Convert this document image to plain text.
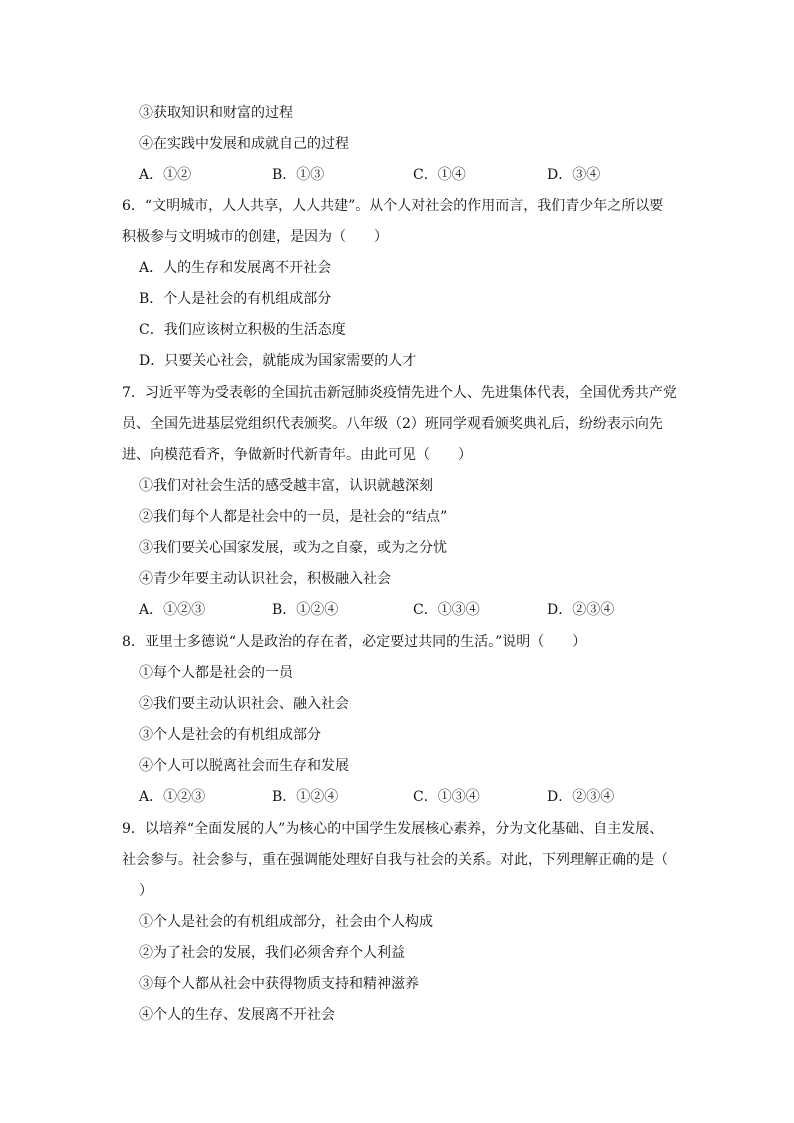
③获取知识和财富的过程
④在实践中发展和成就自己的过程
A．①②	B．①③	C．①④	D．③④
6．“文明城市，人人共享，人人共建”。从个人对社会的作用而言，我们青少年之所以要
积极参与文明城市的创建，是因为（　　）
A．人的生存和发展离不开社会
B．个人是社会的有机组成部分
C．我们应该树立积极的生活态度
D．只要关心社会，就能成为国家需要的人才
7．习近平等为受表彰的全国抗击新冠肺炎疫情先进个人、先进集体代表，全国优秀共产党
员、全国先进基层党组织代表颁奖。八年级（2）班同学观看颁奖典礼后，纷纷表示向先
进、向模范看齐，争做新时代新青年。由此可见（　　）
①我们对社会生活的感受越丰富，认识就越深刻
②我们每个人都是社会中的一员，是社会的“结点”
③我们要关心国家发展，或为之自豪，或为之分忧
④青少年要主动认识社会，积极融入社会
A．①②③	B．①②④	C．①③④	D．②③④
8．亚里士多德说“人是政治的存在者，必定要过共同的生活。”说明（　　）
①每个人都是社会的一员
②我们要主动认识社会、融入社会
③个人是社会的有机组成部分
④个人可以脱离社会而生存和发展
A．①②③	B．①②④	C．①③④	D．②③④
9．以培养“全面发展的人”为核心的中国学生发展核心素养，分为文化基础、自主发展、
社会参与。社会参与，重在强调能处理好自我与社会的关系。对此，下列理解正确的是（
）
①个人是社会的有机组成部分，社会由个人构成
②为了社会的发展，我们必须舍弃个人利益
③每个人都从社会中获得物质支持和精神滋养
④个人的生存、发展离不开社会
